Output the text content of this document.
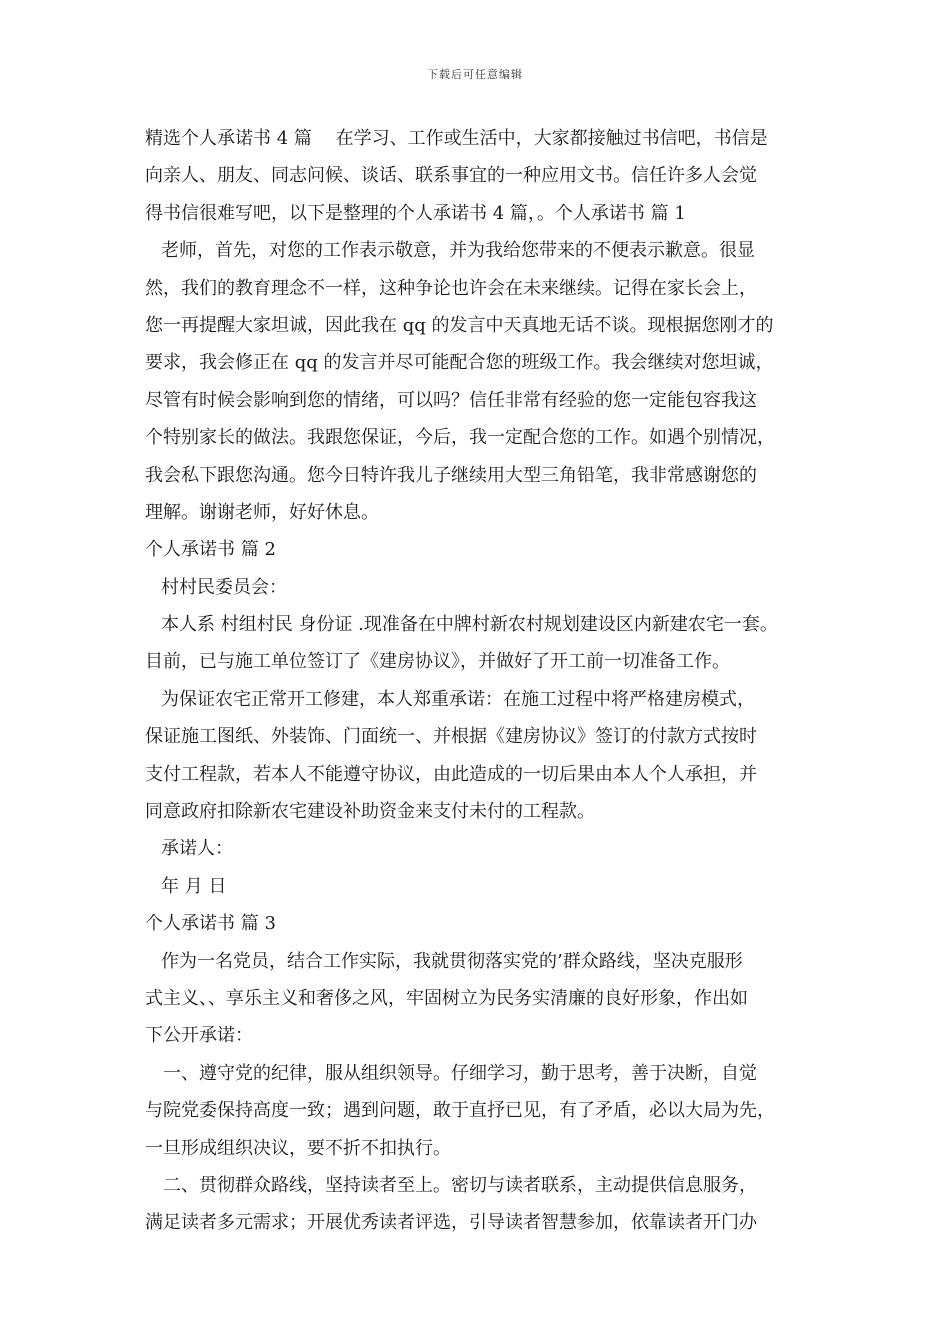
下载后可任意编辑
精选个人承诺书 4 篇　 在学习、工作或生活中，大家都接触过书信吧，书信是
向亲人、朋友、同志问候、谈话、联系事宜的一种应用文书。信任许多人会觉
得书信很难写吧，以下是整理的个人承诺书 4 篇，。个人承诺书 篇 1
老师，首先，对您的工作表示敬意，并为我给您带来的不便表示歉意。很显
然，我们的教育理念不一样，这种争论也许会在未来继续。记得在家长会上，
您一再提醒大家坦诚，因此我在 qq 的发言中天真地无话不谈。现根据您刚才的
要求，我会修正在 qq 的发言并尽可能配合您的班级工作。我会继续对您坦诚，
尽管有时候会影响到您的情绪，可以吗？信任非常有经验的您一定能包容我这
个特别家长的做法。我跟您保证，今后，我一定配合您的工作。如遇个别情况，
我会私下跟您沟通。您今日特许我儿子继续用大型三角铅笔，我非常感谢您的
理解。谢谢老师，好好休息。
个人承诺书 篇 2
村村民委员会：
本人系 村组村民 身份证 .现准备在中牌村新农村规划建设区内新建农宅一套。
目前，已与施工单位签订了《建房协议》，并做好了开工前一切准备工作。
为保证农宅正常开工修建，本人郑重承诺：在施工过程中将严格建房模式，
保证施工图纸、外装饰、门面统一、并根据《建房协议》签订的付款方式按时
支付工程款，若本人不能遵守协议，由此造成的一切后果由本人个人承担，并
同意政府扣除新农宅建设补助资金来支付未付的工程款。
承诺人：
年 月 日
个人承诺书 篇 3
作为一名党员，结合工作实际，我就贯彻落实党的’群众路线，坚决克服形
式主义、、享乐主义和奢侈之风，牢固树立为民务实清廉的良好形象，作出如
下公开承诺：
一、遵守党的纪律，服从组织领导。仔细学习，勤于思考，善于决断，自觉
与院党委保持高度一致；遇到问题，敢于直抒已见，有了矛盾，必以大局为先，
一旦形成组织决议，要不折不扣执行。
二、贯彻群众路线，坚持读者至上。密切与读者联系，主动提供信息服务，
满足读者多元需求；开展优秀读者评选，引导读者智慧参加，依靠读者开门办
